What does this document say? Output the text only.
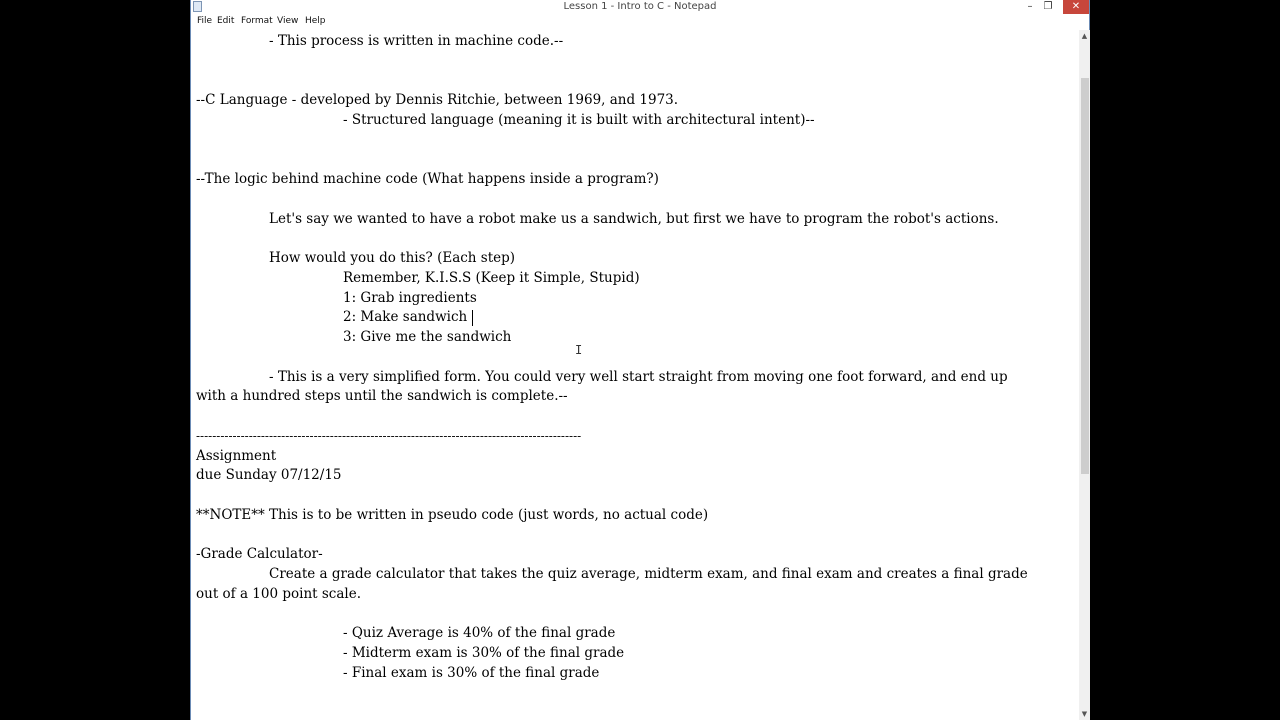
Lesson 1 - Intro to C - Notepad	–	❐	✕
File Edit Format View Help
- This process is written in machine code.--
--C Language - developed by Dennis Ritchie, between 1969, and 1973.
- Structured language (meaning it is built with architectural intent)--
--The logic behind machine code (What happens inside a program?)
Let's say we wanted to have a robot make us a sandwich, but first we have to program the robot's actions.
How would you do this? (Each step)
Remember, K.I.S.S (Keep it Simple, Stupid)
1: Grab ingredients
2: Make sandwich
3: Give me the sandwich
- This is a very simplified form. You could very well start straight from moving one foot forward, and end up
with a hundred steps until the sandwich is complete.--
-----------------------------------------------------------------------------------------------
Assignment
due Sunday 07/12/15
**NOTE** This is to be written in pseudo code (just words, no actual code)
-Grade Calculator-
Create a grade calculator that takes the quiz average, midterm exam, and final exam and creates a final grade
out of a 100 point scale.
- Quiz Average is 40% of the final grade
- Midterm exam is 30% of the final grade
- Final exam is 30% of the final grade
I
▲
▼
